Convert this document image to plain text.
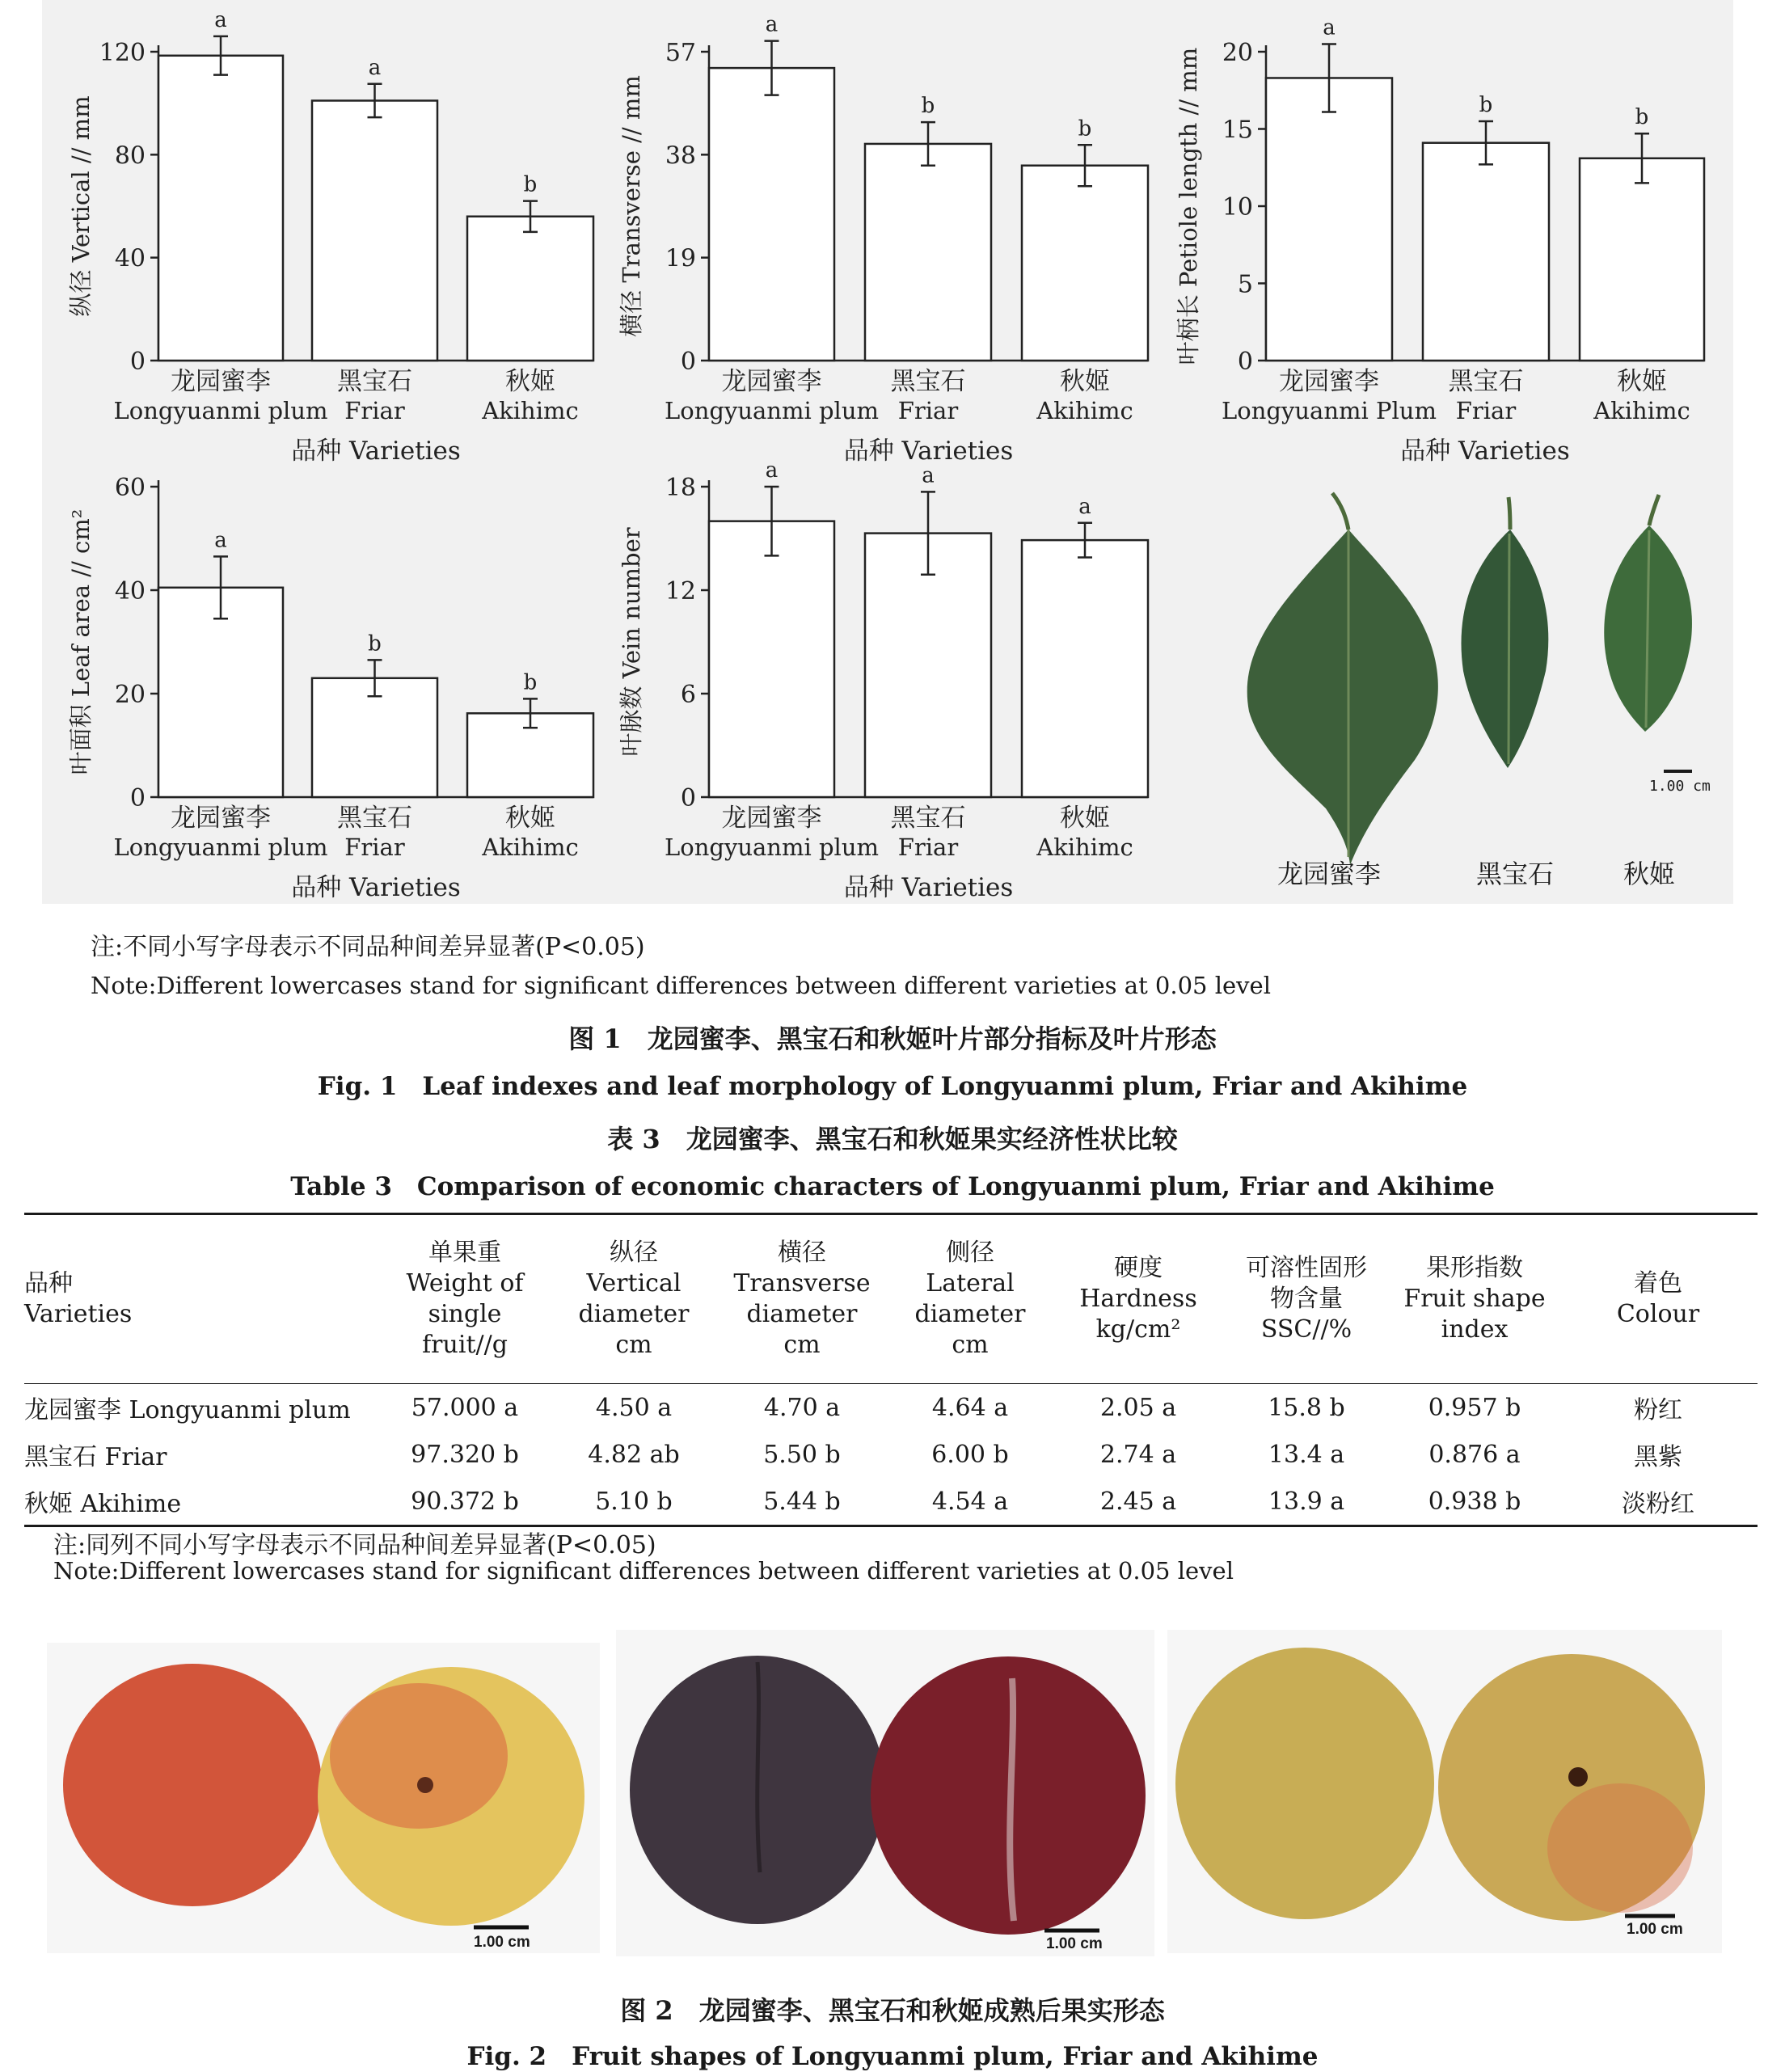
0
40
80
120
纵径 Vertical // mm
a
龙园蜜李
Longyuanmi plum
a
黑宝石
Friar
b
秋姬
Akihimc
品种 Varieties
0
19
38
57
横径 Transverse // mm
a
龙园蜜李
Longyuanmi plum
b
黑宝石
Friar
b
秋姬
Akihimc
品种 Varieties
0
5
10
15
20
叶柄长 Petiole length // mm
a
龙园蜜李
Longyuanmi Plum
b
黑宝石
Friar
b
秋姬
Akihimc
品种 Varieties
0
20
40
60
叶面积 Leaf area // cm²	a
龙园蜜李
Longyuanmi plum
b
黑宝石
Friar
b
秋姬
Akihimc
品种 Varieties
0
6
12
18
叶脉数 Vein number
a
龙园蜜李
Longyuanmi plum
a
黑宝石
Friar
a
秋姬
Akihimc
品种 Varieties
1.00 cm
龙园蜜李	黑宝石	秋姬
注:不同小写字母表示不同品种间差异显著(P<0.05)
Note:Different lowercases stand for significant differences between different varieties at 0.05 level
图 1　龙园蜜李、黑宝石和秋姬叶片部分指标及叶片形态
Fig. 1　Leaf indexes and leaf morphology of Longyuanmi plum, Friar and Akihime
表 3　龙园蜜李、黑宝石和秋姬果实经济性状比较
Table 3　Comparison of economic characters of Longyuanmi plum, Friar and Akihime
品种
Varieties	单果重
Weight of
single
fruit//g	纵径
Vertical
diameter
cm	横径
Transverse
diameter
cm	侧径
Lateral
diameter
cm	硬度
Hardness
kg/cm²	可溶性固形
物含量
SSC//%	果形指数
Fruit shape
index	着色
Colour
龙园蜜李 Longyuanmi plum	57.000 a	4.50 a	4.70 a	4.64 a	2.05 a	15.8 b	0.957 b	粉红
黑宝石 Friar	97.320 b	4.82 ab	5.50 b	6.00 b	2.74 a	13.4 a	0.876 a	黑紫
秋姬 Akihime	90.372 b	5.10 b	5.44 b	4.54 a	2.45 a	13.9 a	0.938 b	淡粉红
注:同列不同小写字母表示不同品种间差异显著(P<0.05)
Note:Different lowercases stand for significant differences between different varieties at 0.05 level
1.00 cm	1.00 cm
1.00 cm
图 2　龙园蜜李、黑宝石和秋姬成熟后果实形态
Fig. 2　Fruit shapes of Longyuanmi plum, Friar and Akihime
